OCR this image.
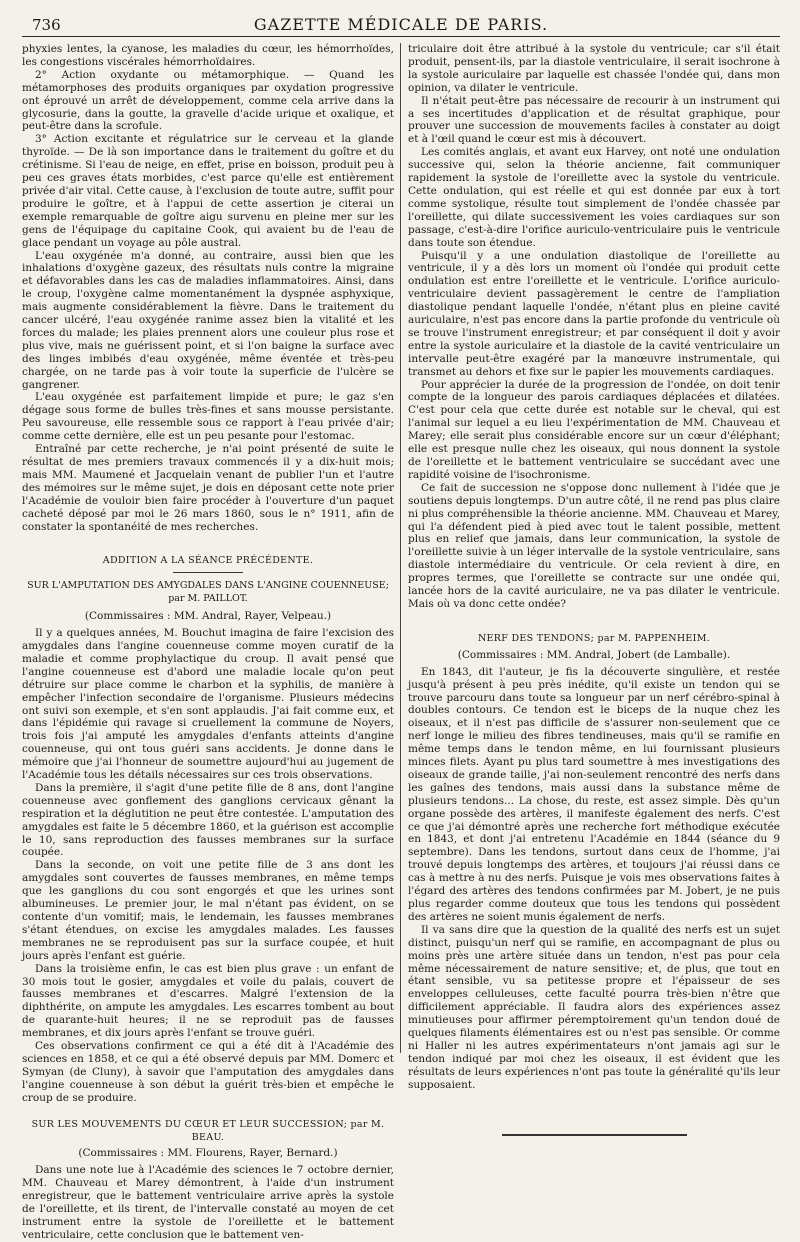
736	GAZETTE MÉDICALE DE PARIS.

phyxies lentes, la cyanose, les maladies du cœur, les hémorrhoïdes, les congestions viscérales hémorrhoïdaires.

2° Action oxydante ou métamorphique. — Quand les métamorphoses des produits organiques par oxydation progressive ont éprouvé un arrêt de développement, comme cela arrive dans la glycosurie, dans la goutte, la gravelle d'acide urique et oxalique, et peut-être dans la scrofule.

3° Action excitante et régulatrice sur le cerveau et la glande thyroïde. — De là son importance dans le traitement du goître et du crétinisme. Si l'eau de neige, en effet, prise en boisson, produit peu à peu ces graves états morbides, c'est parce qu'elle est entièrement privée d'air vital. Cette cause, à l'exclusion de toute autre, suffit pour produire le goître, et à l'appui de cette assertion je citerai un exemple remarquable de goître aigu survenu en pleine mer sur les gens de l'équipage du capitaine Cook, qui avaient bu de l'eau de glace pendant un voyage au pôle austral.

L'eau oxygénée m'a donné, au contraire, aussi bien que les inhalations d'oxygène gazeux, des résultats nuls contre la migraine et défavorables dans les cas de maladies inflammatoires. Ainsi, dans le croup, l'oxygène calme momentanément la dyspnée asphyxique, mais augmente considérablement la fièvre. Dans le traitement du cancer ulcéré, l'eau oxygénée ranime assez bien la vitalité et les forces du malade; les plaies prennent alors une couleur plus rose et plus vive, mais ne guérissent point, et si l'on baigne la surface avec des linges imbibés d'eau oxygénée, même éventée et très-peu chargée, on ne tarde pas à voir toute la superficie de l'ulcère se gangrener.

L'eau oxygénée est parfaitement limpide et pure; le gaz s'en dégage sous forme de bulles très-fines et sans mousse persistante. Peu savoureuse, elle ressemble sous ce rapport à l'eau privée d'air; comme cette dernière, elle est un peu pesante pour l'estomac.

Entraîné par cette recherche, je n'ai point présenté de suite le résultat de mes premiers travaux commencés il y a dix-huit mois; mais MM. Maumené et Jacquelain venant de publier l'un et l'autre des mémoires sur le même sujet, je dois en déposant cette note prier l'Académie de vouloir bien faire procéder à l'ouverture d'un paquet cacheté déposé par moi le 26 mars 1860, sous le n° 1911, afin de constater la spontanéité de mes recherches.

ADDITION A LA SÉANCE PRÉCÉDENTE.

SUR L'AMPUTATION DES AMYGDALES DANS L'ANGINE COUENNEUSE; par M. PAILLOT.

(Commissaires : MM. Andral, Rayer, Velpeau.)

Il y a quelques années, M. Bouchut imagina de faire l'excision des amygdales dans l'angine couenneuse comme moyen curatif de la maladie et comme prophylactique du croup. Il avait pensé que l'angine couenneuse est d'abord une maladie locale qu'on peut détruire sur place comme le charbon et la syphilis, de manière à empêcher l'infection secondaire de l'organisme. Plusieurs médecins ont suivi son exemple, et s'en sont applaudis. J'ai fait comme eux, et dans l'épidémie qui ravage si cruellement la commune de Noyers, trois fois j'ai amputé les amygdales d'enfants atteints d'angine couenneuse, qui ont tous guéri sans accidents. Je donne dans le mémoire que j'ai l'honneur de soumettre aujourd'hui au jugement de l'Académie tous les détails nécessaires sur ces trois observations.

Dans la première, il s'agit d'une petite fille de 8 ans, dont l'angine couenneuse avec gonflement des ganglions cervicaux gênant la respiration et la déglutition ne peut être contestée. L'amputation des amygdales est faite le 5 décembre 1860, et la guérison est accomplie le 10, sans reproduction des fausses membranes sur la surface coupée.

Dans la seconde, on voit une petite fille de 3 ans dont les amygdales sont couvertes de fausses membranes, en même temps que les ganglions du cou sont engorgés et que les urines sont albumineuses. Le premier jour, le mal n'étant pas évident, on se contente d'un vomitif; mais, le lendemain, les fausses membranes s'étant étendues, on excise les amygdales malades. Les fausses membranes ne se reproduisent pas sur la surface coupée, et huit jours après l'enfant est guérie.

Dans la troisième enfin, le cas est bien plus grave : un enfant de 30 mois tout le gosier, amygdales et voile du palais, couvert de fausses membranes et d'escarres. Malgré l'extension de la diphthérite, on ampute les amygdales. Les escarres tombent au bout de quarante-huit heures; il ne se reproduit pas de fausses membranes, et dix jours après l'enfant se trouve guéri.

Ces observations confirment ce qui a été dit à l'Académie des sciences en 1858, et ce qui a été observé depuis par MM. Domerc et Symyan (de Cluny), à savoir que l'amputation des amygdales dans l'angine couenneuse à son début la guérit très-bien et empêche le croup de se produire.

SUR LES MOUVEMENTS DU CŒUR ET LEUR SUCCESSION; par M. BEAU.

(Commissaires : MM. Flourens, Rayer, Bernard.)

Dans une note lue à l'Académie des sciences le 7 octobre dernier, MM. Chauveau et Marey démontrent, à l'aide d'un instrument enregistreur, que le battement ventriculaire arrive après la systole de l'oreillette, et ils tirent, de l'intervalle constaté au moyen de cet instrument entre la systole de l'oreillette et le battement ventriculaire, cette conclusion que le battement ven-

triculaire doit être attribué à la systole du ventricule; car s'il était produit, pensent-ils, par la diastole ventriculaire, il serait isochrone à la systole auriculaire par laquelle est chassée l'ondée qui, dans mon opinion, va dilater le ventricule.

Il n'était peut-être pas nécessaire de recourir à un instrument qui a ses incertitudes d'application et de résultat graphique, pour prouver une succession de mouvements faciles à constater au doigt et à l'œil quand le cœur est mis à découvert.

Les comités anglais, et avant eux Harvey, ont noté une ondulation successive qui, selon la théorie ancienne, fait communiquer rapidement la systole de l'oreillette avec la systole du ventricule. Cette ondulation, qui est réelle et qui est donnée par eux à tort comme systolique, résulte tout simplement de l'ondée chassée par l'oreillette, qui dilate successivement les voies cardiaques sur son passage, c'est-à-dire l'orifice auriculo-ventriculaire puis le ventricule dans toute son étendue.

Puisqu'il y a une ondulation diastolique de l'oreillette au ventricule, il y a dès lors un moment où l'ondée qui produit cette ondulation est entre l'oreillette et le ventricule. L'orifice auriculo-ventriculaire devient passagèrement le centre de l'ampliation diastolique pendant laquelle l'ondée, n'étant plus en pleine cavité auriculaire, n'est pas encore dans la partie profonde du ventricule où se trouve l'instrument enregistreur; et par conséquent il doit y avoir entre la systole auriculaire et la diastole de la cavité ventriculaire un intervalle peut-être exagéré par la manœuvre instrumentale, qui transmet au dehors et fixe sur le papier les mouvements cardiaques.

Pour apprécier la durée de la progression de l'ondée, on doit tenir compte de la longueur des parois cardiaques déplacées et dilatées. C'est pour cela que cette durée est notable sur le cheval, qui est l'animal sur lequel a eu lieu l'expérimentation de MM. Chauveau et Marey; elle serait plus considérable encore sur un cœur d'éléphant; elle est presque nulle chez les oiseaux, qui nous donnent la systole de l'oreillette et le battement ventriculaire se succédant avec une rapidité voisine de l'isochronisme.

Ce fait de succession ne s'oppose donc nullement à l'idée que je soutiens depuis longtemps. D'un autre côté, il ne rend pas plus claire ni plus compréhensible la théorie ancienne. MM. Chauveau et Marey, qui l'a défendent pied à pied avec tout le talent possible, mettent plus en relief que jamais, dans leur communication, la systole de l'oreillette suivie à un léger intervalle de la systole ventriculaire, sans diastole intermédiaire du ventricule. Or cela revient à dire, en propres termes, que l'oreillette se contracte sur une ondée qui, lancée hors de la cavité auriculaire, ne va pas dilater le ventricule. Mais où va donc cette ondée?

NERF DES TENDONS; par M. PAPPENHEIM.

(Commissaires : MM. Andral, Jobert (de Lamballe).

En 1843, dit l'auteur, je fis la découverte singulière, et restée jusqu'à présent à peu près inédite, qu'il existe un tendon qui se trouve parcouru dans toute sa longueur par un nerf cérébro-spinal à doubles contours. Ce tendon est le biceps de la nuque chez les oiseaux, et il n'est pas difficile de s'assurer non-seulement que ce nerf longe le milieu des fibres tendineuses, mais qu'il se ramifie en même temps dans le tendon même, en lui fournissant plusieurs minces filets. Ayant pu plus tard soumettre à mes investigations des oiseaux de grande taille, j'ai non-seulement rencontré des nerfs dans les gaînes des tendons, mais aussi dans la substance même de plusieurs tendons... La chose, du reste, est assez simple. Dès qu'un organe possède des artères, il manifeste également des nerfs. C'est ce que j'ai démontré après une recherche fort méthodique exécutée en 1843, et dont j'ai entretenu l'Académie en 1844 (séance du 9 septembre). Dans les tendons, surtout dans ceux de l'homme, j'ai trouvé depuis longtemps des artères, et toujours j'ai réussi dans ce cas à mettre à nu des nerfs. Puisque je vois mes observations faites à l'égard des artères des tendons confirmées par M. Jobert, je ne puis plus regarder comme douteux que tous les tendons qui possèdent des artères ne soient munis également de nerfs.

Il va sans dire que la question de la qualité des nerfs est un sujet distinct, puisqu'un nerf qui se ramifie, en accompagnant de plus ou moins près une artère située dans un tendon, n'est pas pour cela même nécessairement de nature sensitive; et, de plus, que tout en étant sensible, vu sa petitesse propre et l'épaisseur de ses enveloppes celluleuses, cette faculté pourra très-bien n'être que difficilement appréciable. Il faudra alors des expériences assez minutieuses pour affirmer péremptoirement qu'un tendon doué de quelques filaments élémentaires est ou n'est pas sensible. Or comme ni Haller ni les autres expérimentateurs n'ont jamais agi sur le tendon indiqué par moi chez les oiseaux, il est évident que les résultats de leurs expériences n'ont pas toute la généralité qu'ils leur supposaient.
